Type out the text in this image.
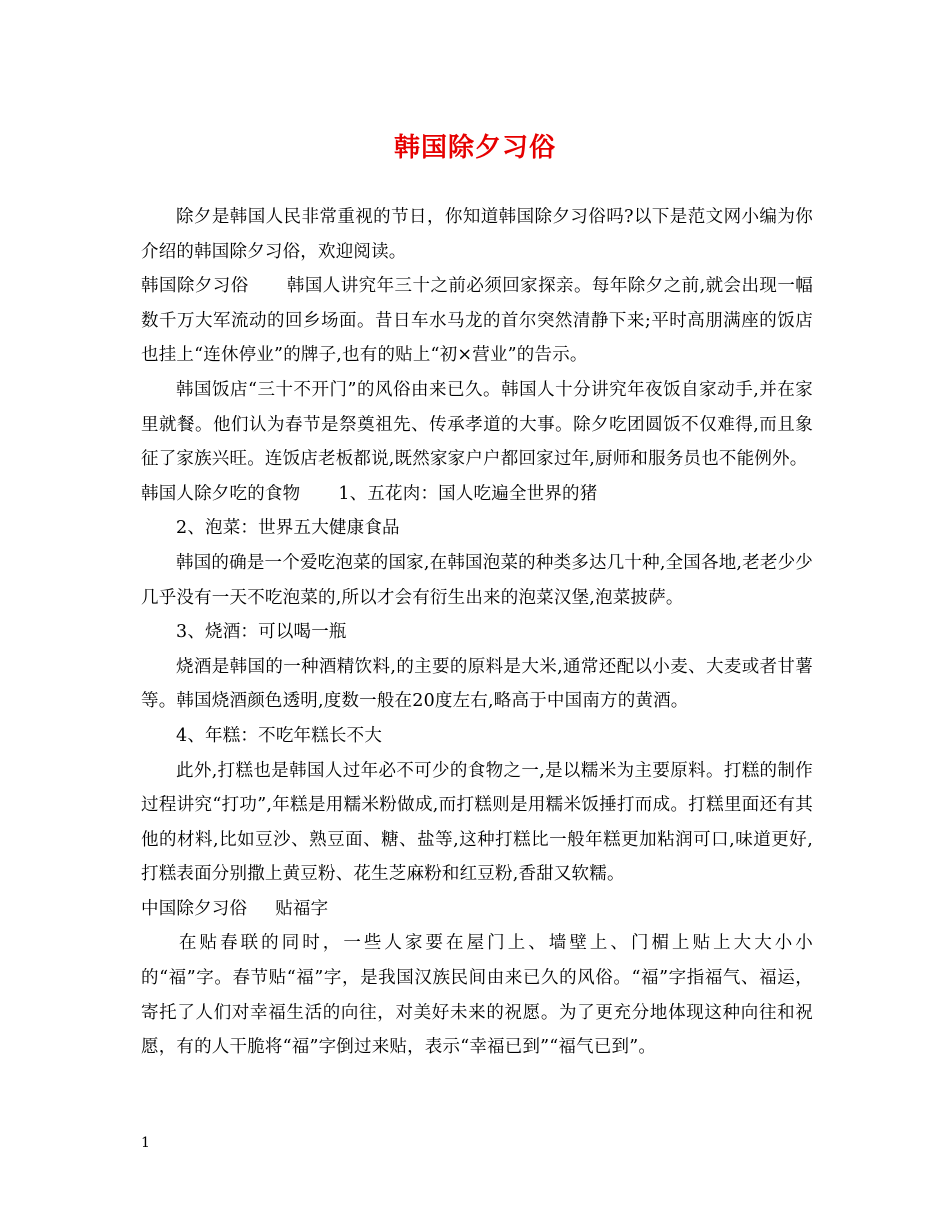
韩国除夕习俗

除夕是韩国人民非常重视的节日，你知道韩国除夕习俗吗?以下是范文网小编为你介绍的韩国除夕习俗，欢迎阅读。

韩国除夕习俗 韩国人讲究年三十之前必须回家探亲。每年除夕之前,就会出现一幅数千万大军流动的回乡场面。昔日车水马龙的首尔突然清静下来;平时高朋满座的饭店也挂上“连休停业”的牌子,也有的贴上“初×营业”的告示。

韩国饭店“三十不开门”的风俗由来已久。韩国人十分讲究年夜饭自家动手,并在家里就餐。他们认为春节是祭奠祖先、传承孝道的大事。除夕吃团圆饭不仅难得,而且象征了家族兴旺。连饭店老板都说,既然家家户户都回家过年,厨师和服务员也不能例外。

韩国人除夕吃的食物 1、五花肉：国人吃遍全世界的猪

2、泡菜：世界五大健康食品

韩国的确是一个爱吃泡菜的国家,在韩国泡菜的种类多达几十种,全国各地,老老少少几乎没有一天不吃泡菜的,所以才会有衍生出来的泡菜汉堡,泡菜披萨。

3、烧酒：可以喝一瓶

烧酒是韩国的一种酒精饮料,的主要的原料是大米,通常还配以小麦、大麦或者甘薯等。韩国烧酒颜色透明,度数一般在20度左右,略高于中国南方的黄酒。

4、年糕：不吃年糕长不大

此外,打糕也是韩国人过年必不可少的食物之一,是以糯米为主要原料。打糕的制作过程讲究“打功”,年糕是用糯米粉做成,而打糕则是用糯米饭捶打而成。打糕里面还有其他的材料,比如豆沙、熟豆面、糖、盐等,这种打糕比一般年糕更加粘润可口,味道更好,打糕表面分别撒上黄豆粉、花生芝麻粉和红豆粉,香甜又软糯。

中国除夕习俗 贴福字

在贴春联的同时，一些人家要在屋门上、墙壁上、门楣上贴上大大小小的“福”字。春节贴“福”字，是我国汉族民间由来已久的风俗。“福”字指福气、福运，寄托了人们对幸福生活的向往，对美好未来的祝愿。为了更充分地体现这种向往和祝愿，有的人干脆将“福”字倒过来贴，表示“幸福已到”“福气已到”。

1
